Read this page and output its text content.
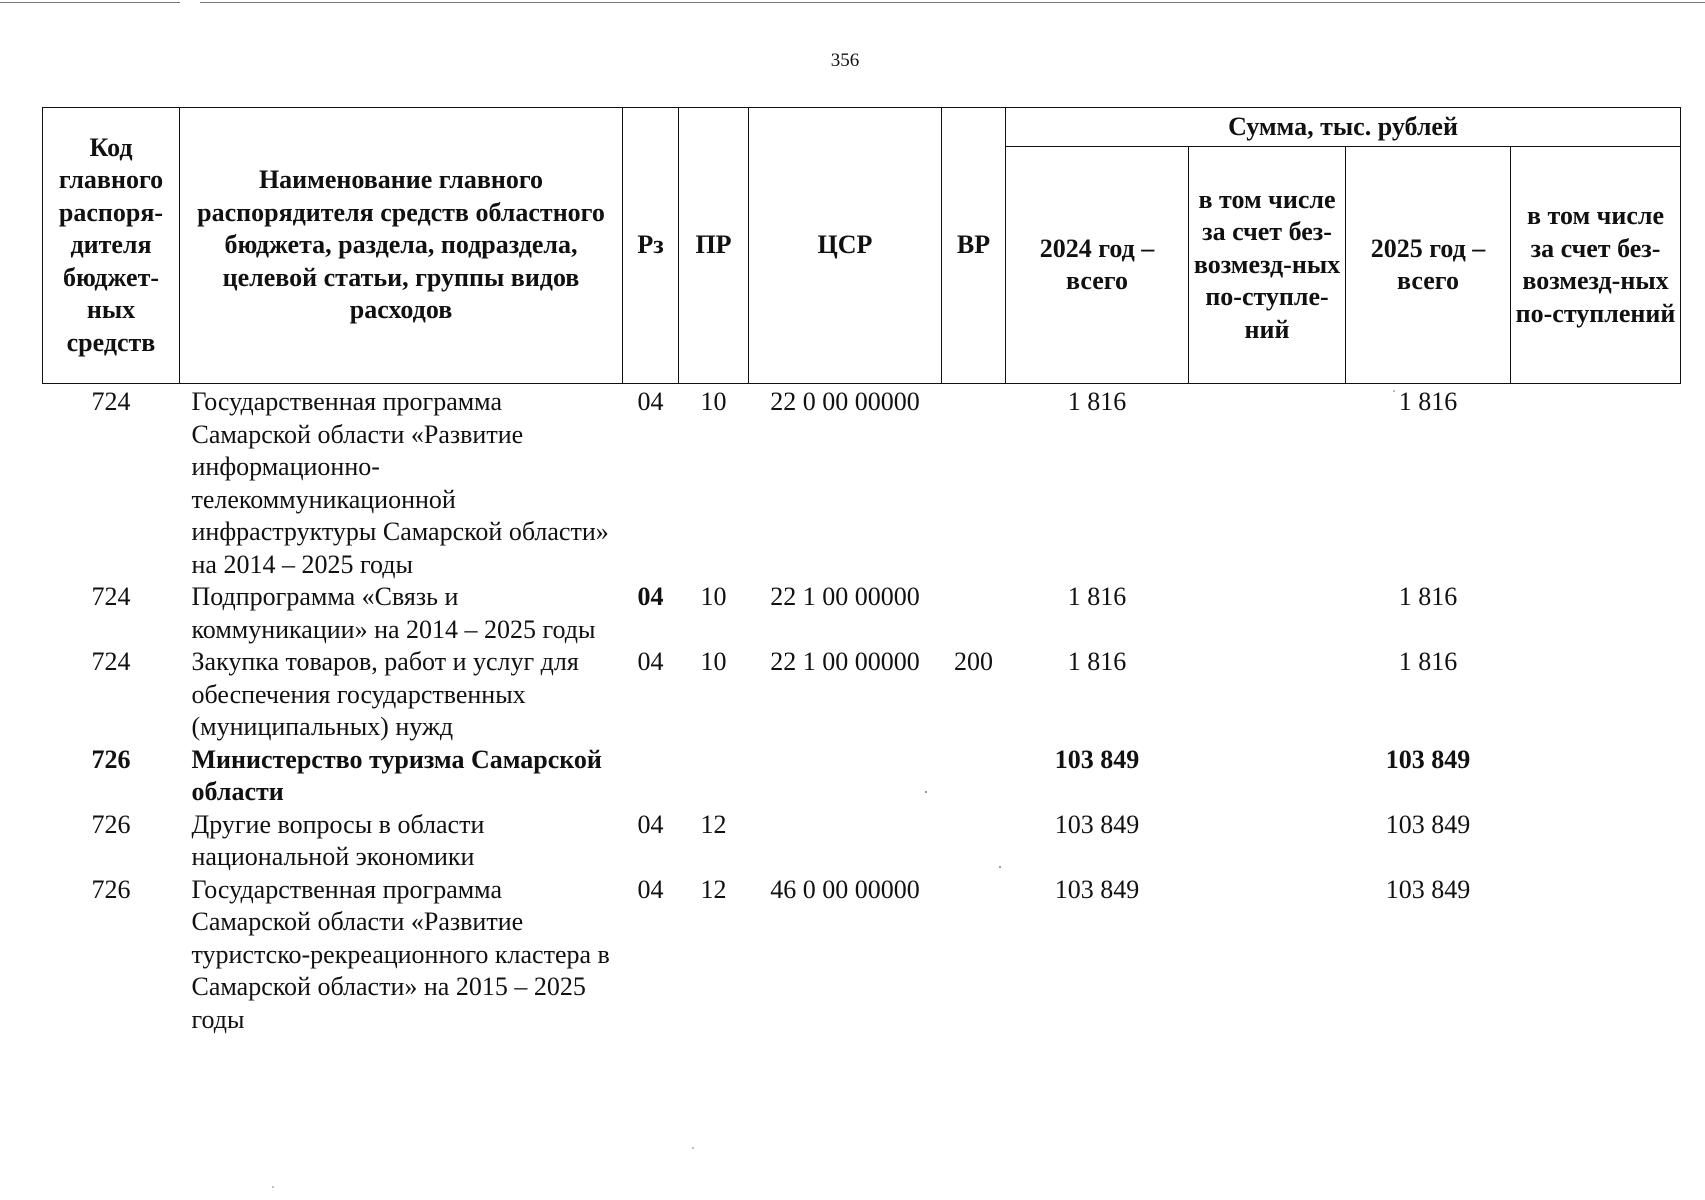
356
Код главного распоря-дителя бюджет-ных средств	Наименование главного распорядителя средств областного бюджета, раздела, подраздела, целевой статьи, группы видов расходов	Рз	ПР	ЦСР	ВР	Сумма, тыс. рублей			
						2024 год – всего	в том числе за счет без-возмезд-ных по-ступле-ний	2025 год – всего	в том числе за счет без-возмезд-ных по-ступлений
724	Государственная программа Самарской области «Развитие информационно-телекоммуникационной инфраструктуры Самарской области» на 2014 – 2025 годы	04	10	22 0 00 00000		1 816		1 816	
724	Подпрограмма «Связь и коммуникации» на 2014 – 2025 годы	04	10	22 1 00 00000		1 816		1 816	
724	Закупка товаров, работ и услуг для обеспечения государственных (муниципальных) нужд	04	10	22 1 00 00000	200	1 816		1 816	
726	Министерство туризма Самарской области					103 849		103 849	
726	Другие вопросы в области национальной экономики	04	12			103 849		103 849	
726	Государственная программа Самарской области «Развитие туристско-рекреационного кластера в Самарской области» на 2015 – 2025 годы	04	12	46 0 00 00000		103 849		103 849	
